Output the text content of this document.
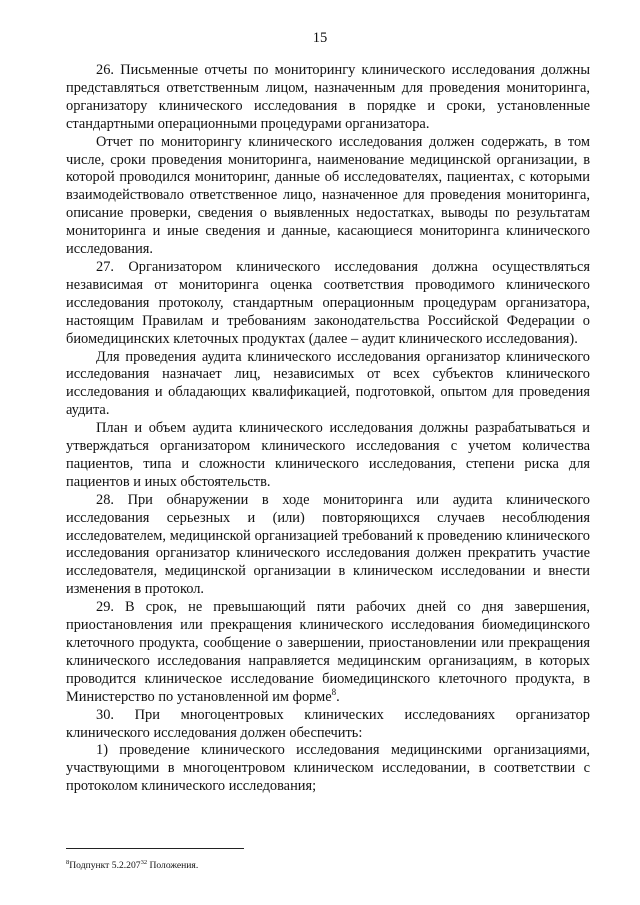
15

26. Письменные отчеты по мониторингу клинического исследования должны представляться ответственным лицом, назначенным для проведения мониторинга, организатору клинического исследования в порядке и сроки, установленные стандартными операционными процедурами организатора.

Отчет по мониторингу клинического исследования должен содержать, в том числе, сроки проведения мониторинга, наименование медицинской организации, в которой проводился мониторинг, данные об исследователях, пациентах, с которыми взаимодействовало ответственное лицо, назначенное для проведения мониторинга, описание проверки, сведения о выявленных недостатках, выводы по результатам мониторинга и иные сведения и данные, касающиеся мониторинга клинического исследования.

27. Организатором клинического исследования должна осуществляться независимая от мониторинга оценка соответствия проводимого клинического исследования протоколу, стандартным операционным процедурам организатора, настоящим Правилам и требованиям законодательства Российской Федерации о биомедицинских клеточных продуктах (далее – аудит клинического исследования).

Для проведения аудита клинического исследования организатор клинического исследования назначает лиц, независимых от всех субъектов клинического исследования и обладающих квалификацией, подготовкой, опытом для проведения аудита.

План и объем аудита клинического исследования должны разрабатываться и утверждаться организатором клинического исследования с учетом количества пациентов, типа и сложности клинического исследования, степени риска для пациентов и иных обстоятельств.

28. При обнаружении в ходе мониторинга или аудита клинического исследования серьезных и (или) повторяющихся случаев несоблюдения исследователем, медицинской организацией требований к проведению клинического исследования организатор клинического исследования должен прекратить участие исследователя, медицинской организации в клиническом исследовании и внести изменения в протокол.

29. В срок, не превышающий пяти рабочих дней со дня завершения, приостановления или прекращения клинического исследования биомедицинского клеточного продукта, сообщение о завершении, приостановлении или прекращения клинического исследования направляется медицинским организациям, в которых проводится клиническое исследование биомедицинского клеточного продукта, в Министерство по установленной им форме$^8$.

30. При многоцентровых клинических исследованиях организатор клинического исследования должен обеспечить:

1) проведение клинического исследования медицинскими организациями, участвующими в многоцентровом клиническом исследовании, в соответствии с протоколом клинического исследования;

$^8$Подпункт 5.2.207$^{32}$ Положения.
